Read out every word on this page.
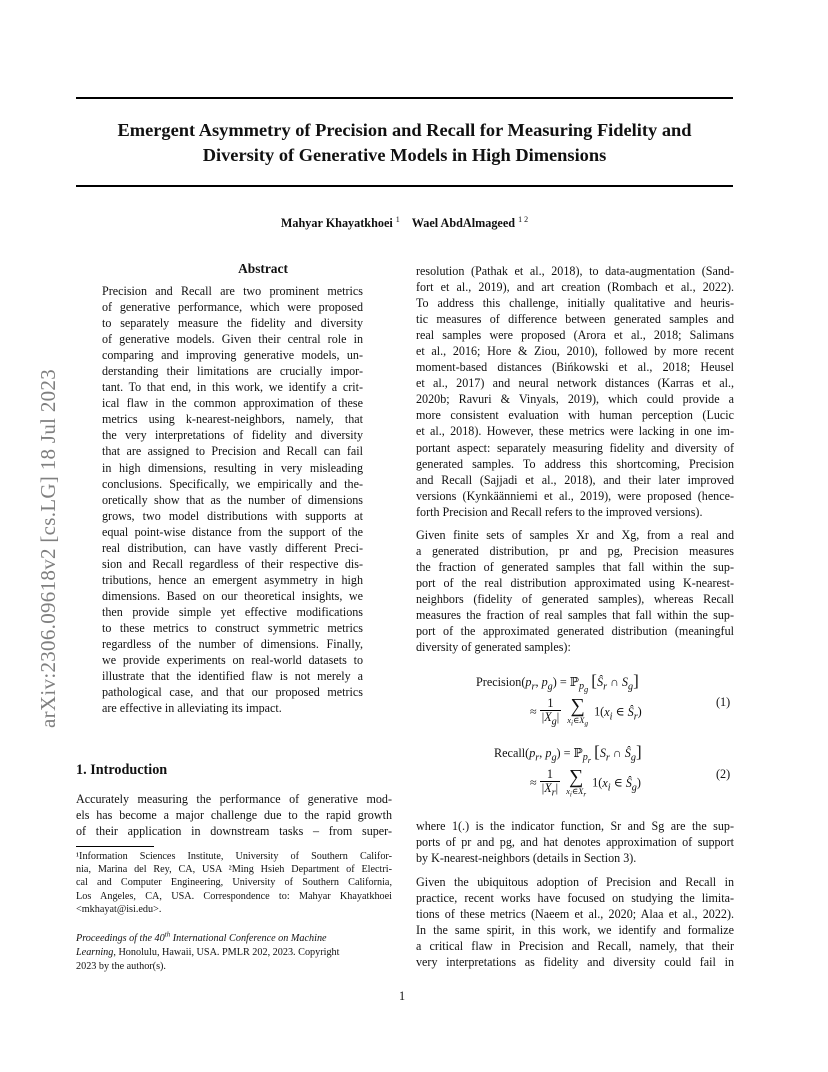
Emergent Asymmetry of Precision and Recall for Measuring Fidelity and
Diversity of Generative Models in High Dimensions
Mahyar Khayatkhoei $^1$ Wael AbdAlmageed $^{1 2}$
arXiv:2306.09618v2 [cs.LG] 18 Jul 2023
Abstract
Precision and Recall are two prominent metrics
of generative performance, which were proposed
to separately measure the fidelity and diversity
of generative models. Given their central role in
comparing and improving generative models, un-
derstanding their limitations are crucially impor-
tant. To that end, in this work, we identify a crit-
ical flaw in the common approximation of these
metrics using k-nearest-neighbors, namely, that
the very interpretations of fidelity and diversity
that are assigned to Precision and Recall can fail
in high dimensions, resulting in very misleading
conclusions. Specifically, we empirically and the-
oretically show that as the number of dimensions
grows, two model distributions with supports at
equal point-wise distance from the support of the
real distribution, can have vastly different Preci-
sion and Recall regardless of their respective dis-
tributions, hence an emergent asymmetry in high
dimensions. Based on our theoretical insights, we
then provide simple yet effective modifications
to these metrics to construct symmetric metrics
regardless of the number of dimensions. Finally,
we provide experiments on real-world datasets to
illustrate that the identified flaw is not merely a
pathological case, and that our proposed metrics
are effective in alleviating its impact.
1. Introduction
Accurately measuring the performance of generative mod-
els has become a major challenge due to the rapid growth
of their application in downstream tasks – from super-
¹Information Sciences Institute, University of Southern Califor-
nia, Marina del Rey, CA, USA ²Ming Hsieh Department of Electri-
cal and Computer Engineering, University of Southern California,
Los Angeles, CA, USA. Correspondence to: Mahyar Khayatkhoei
<mkhayat@isi.edu>.
Proceedings of the 40th International Conference on Machine
Learning, Honolulu, Hawaii, USA. PMLR 202, 2023. Copyright
2023 by the author(s).
resolution (Pathak et al., 2018), to data-augmentation (Sand-
fort et al., 2019), and art creation (Rombach et al., 2022).
To address this challenge, initially qualitative and heuris-
tic measures of difference between generated samples and
real samples were proposed (Arora et al., 2018; Salimans
et al., 2016; Hore & Ziou, 2010), followed by more recent
moment-based distances (Bińkowski et al., 2018; Heusel
et al., 2017) and neural network distances (Karras et al.,
2020b; Ravuri & Vinyals, 2019), which could provide a
more consistent evaluation with human perception (Lucic
et al., 2018). However, these metrics were lacking in one im-
portant aspect: separately measuring fidelity and diversity of
generated samples. To address this shortcoming, Precision
and Recall (Sajjadi et al., 2018), and their later improved
versions (Kynkäänniemi et al., 2019), were proposed (hence-
forth Precision and Recall refers to the improved versions).
Given finite sets of samples Xr and Xg, from a real and
a generated distribution, pr and pg, Precision measures
the fraction of generated samples that fall within the sup-
port of the real distribution approximated using K-nearest-
neighbors (fidelity of generated samples), whereas Recall
measures the fraction of real samples that fall within the sup-
port of the approximated generated distribution (meaningful
diversity of generated samples):
$Precision(p_r$, $p_g$) = ℙ$_{p_g}$ [$Ŝ_r$ ∩ $S_g$]
≈ $\frac{1}{|X_g|}$
∑
$x_i\in X_g$
$1(x_i$ ∈ $Ŝ_r$)
(1)
$Recall(p_r$, $p_g$) = ℙ$_{p_r}$ [$S_r$ ∩ $Ŝ_g$]
≈ $\frac{1}{|X_r|}$
∑
$x_i\in X_r$
$1(x_i$ ∈ $Ŝ_g$)
(2)
where 1(.) is the indicator function, Sr and Sg are the sup-
ports of pr and pg, and hat denotes approximation of support
by K-nearest-neighbors (details in Section 3).
Given the ubiquitous adoption of Precision and Recall in
practice, recent works have focused on studying the limita-
tions of these metrics (Naeem et al., 2020; Alaa et al., 2022).
In the same spirit, in this work, we identify and formalize
a critical flaw in Precision and Recall, namely, that their
very interpretations as fidelity and diversity could fail in
1
